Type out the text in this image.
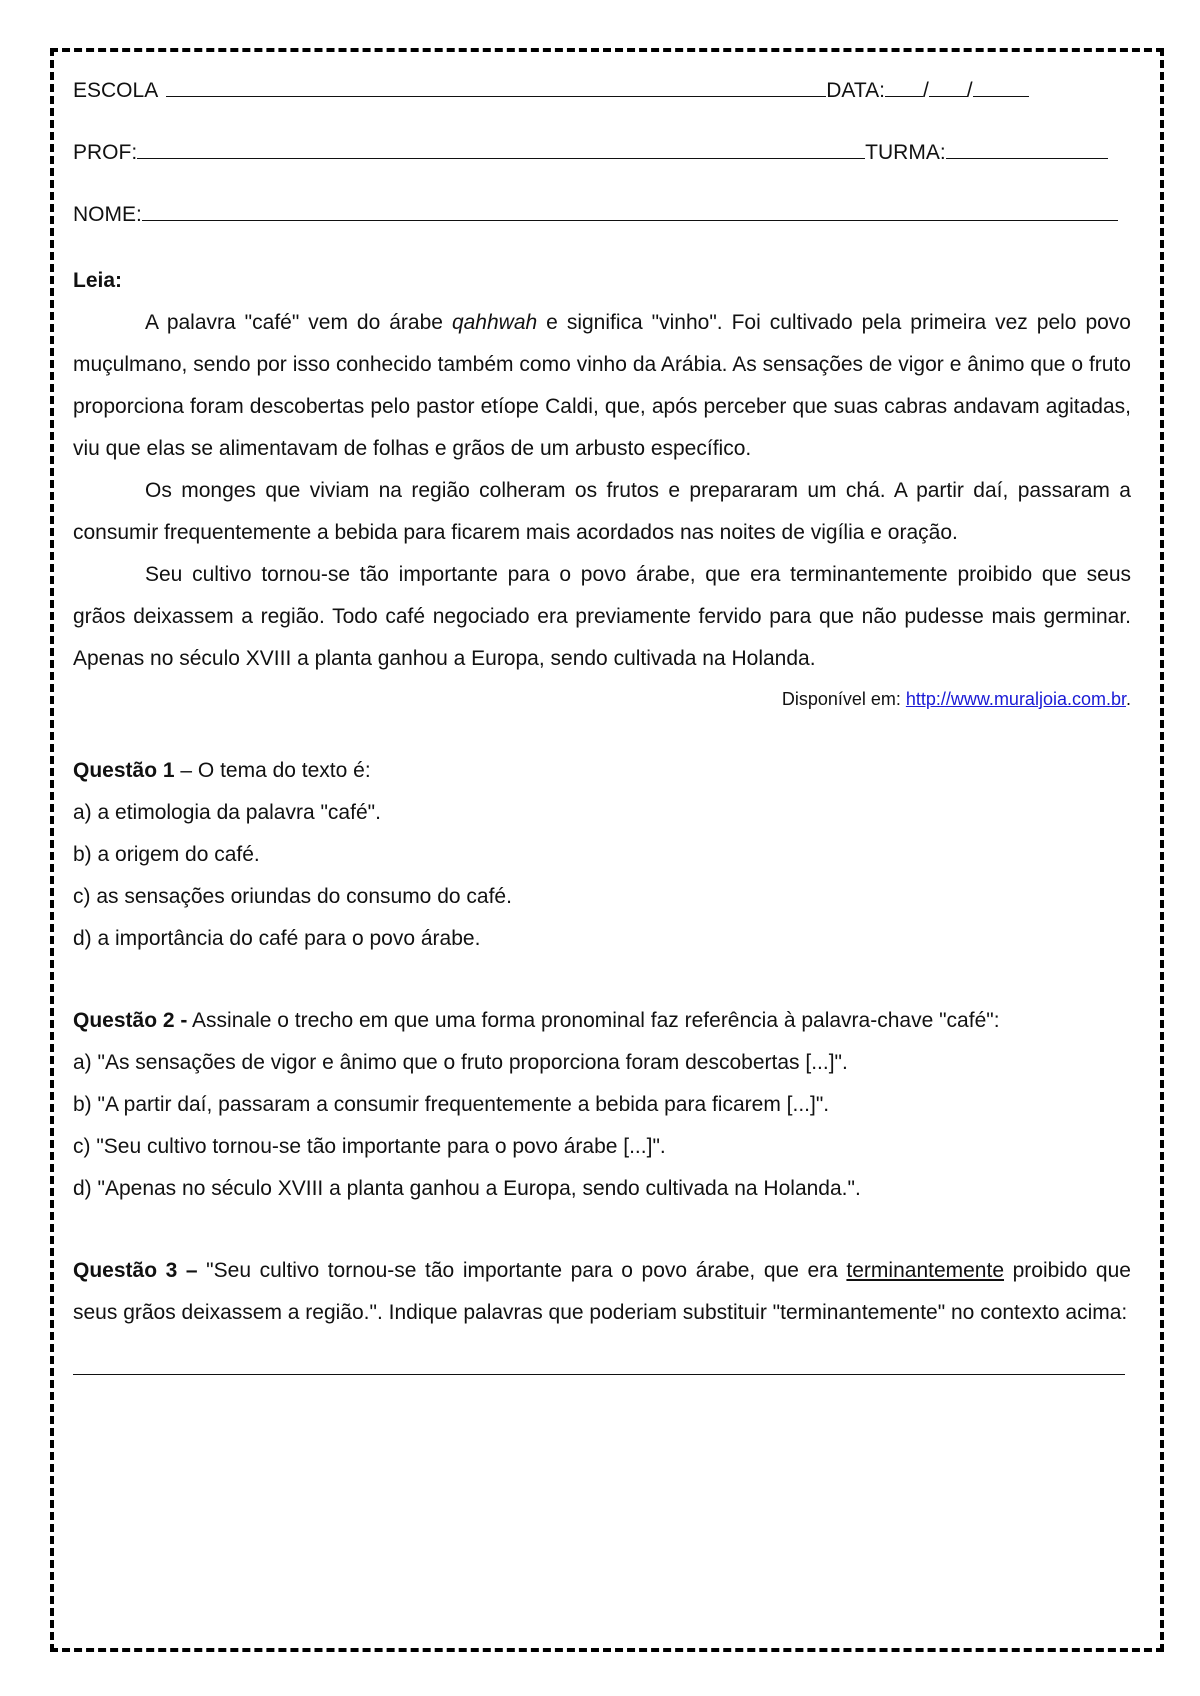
ESCOLA	DATA: / /
PROF:	TURMA:
NOME:
Leia:

A palavra "café" vem do árabe qahhwah e significa "vinho". Foi cultivado pela primeira vez pelo povo muçulmano, sendo por isso conhecido também como vinho da Arábia. As sensações de vigor e ânimo que o fruto proporciona foram descobertas pelo pastor etíope Caldi, que, após perceber que suas cabras andavam agitadas, viu que elas se alimentavam de folhas e grãos de um arbusto específico.

Os monges que viviam na região colheram os frutos e prepararam um chá. A partir daí, passaram a consumir frequentemente a bebida para ficarem mais acordados nas noites de vigília e oração.

Seu cultivo tornou-se tão importante para o povo árabe, que era terminantemente proibido que seus grãos deixassem a região. Todo café negociado era previamente fervido para que não pudesse mais germinar. Apenas no século XVIII a planta ganhou a Europa, sendo cultivada na Holanda.

Disponível em: http://www.muraljoia.com.br.
Questão 1 – O tema do texto é:
a) a etimologia da palavra "café".
b) a origem do café.
c) as sensações oriundas do consumo do café.
d) a importância do café para o povo árabe.

Questão 2 - Assinale o trecho em que uma forma pronominal faz referência à palavra-chave "café":

a) "As sensações de vigor e ânimo que o fruto proporciona foram descobertas [...]".
b) "A partir daí, passaram a consumir frequentemente a bebida para ficarem [...]".
c) "Seu cultivo tornou-se tão importante para o povo árabe [...]".
d) "Apenas no século XVIII a planta ganhou a Europa, sendo cultivada na Holanda.".

Questão 3 – "Seu cultivo tornou-se tão importante para o povo árabe, que era terminantemente proibido que seus grãos deixassem a região.". Indique palavras que poderiam substituir "terminantemente" no contexto acima:
